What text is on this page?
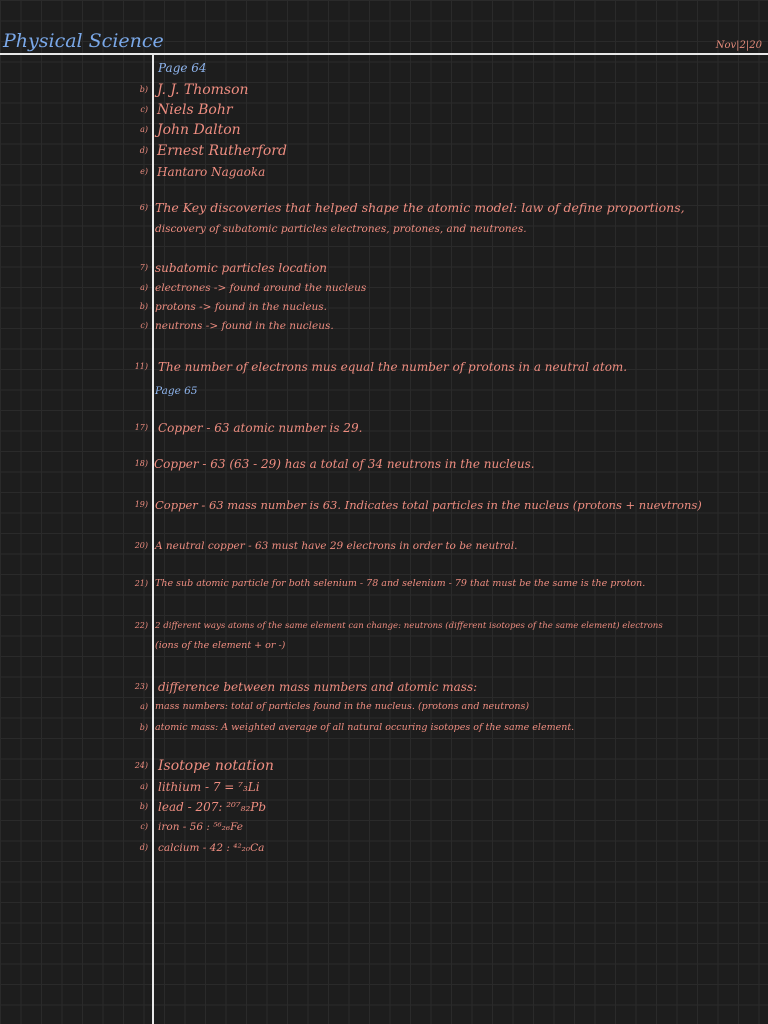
Physical Science	Nov|2|20
Page 64
b) J. J. Thomson
c) Niels Bohr
a) John Dalton
d) Ernest Rutherford
e) Hantaro Nagaoka
6) The Key discoveries that helped shape the atomic model: law of define proportions,
discovery of subatomic particles electrones, protones, and neutrones.
7) subatomic particles location
a) electrones -> found around the nucleus
b) protons -> found in the nucleus.
c) neutrons -> found in the nucleus.
11) The number of electrons mus equal the number of protons in a neutral atom.
Page 65
17) Copper - 63 atomic number is 29.
18) Copper - 63 (63 - 29) has a total of 34 neutrons in the nucleus.
19) Copper - 63 mass number is 63. Indicates total particles in the nucleus (protons + nuevtrons)
20) A neutral copper - 63 must have 29 electrons in order to be neutral.
21) The sub atomic particle for both selenium - 78 and selenium - 79 that must be the same is the proton.
22) 2 different ways atoms of the same element can change: neutrons (different isotopes of the same element) electrons
(ions of the element + or -)
23) difference between mass numbers and atomic mass:
a) mass numbers: total of particles found in the nucleus. (protons and neutrons)
b) atomic mass: A weighted average of all natural occuring isotopes of the same element.
24) Isotope notation
a) lithium - 7 = ⁷₃Li
b) lead - 207: ²⁰⁷₈₂Pb
c) iron - 56 : ⁵⁶₂₆Fe
d) calcium - 42 : ⁴²₂₀Ca
